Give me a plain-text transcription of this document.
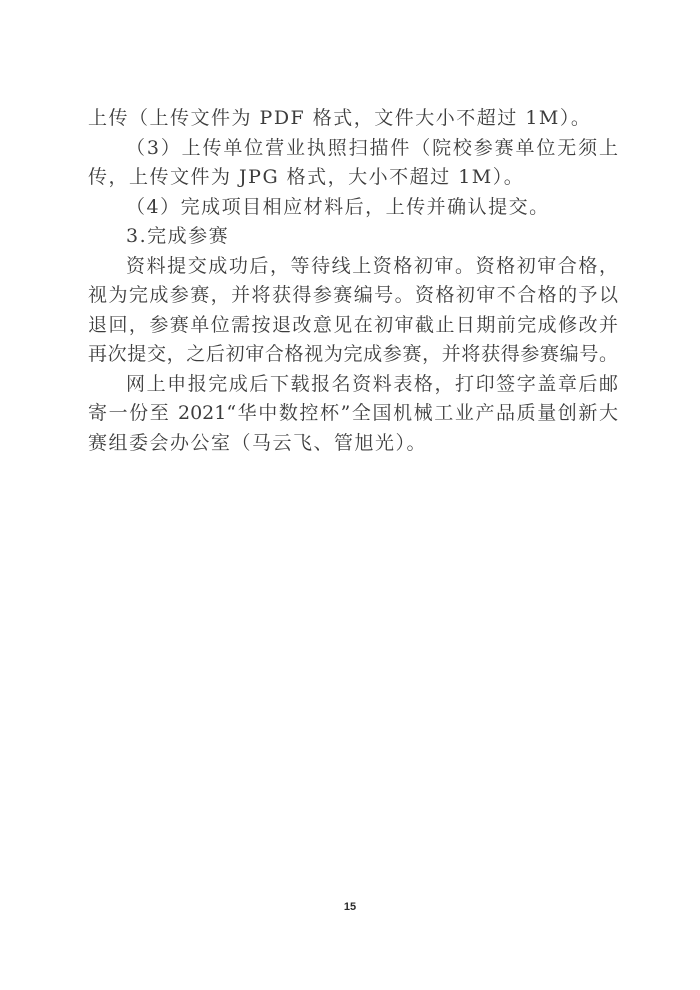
上传（上传文件为 PDF 格式，文件大小不超过 1M）。
（3）上传单位营业执照扫描件（院校参赛单位无须上
传，上传文件为 JPG 格式，大小不超过 1M）。
（4）完成项目相应材料后，上传并确认提交。
3.完成参赛
资料提交成功后，等待线上资格初审。资格初审合格，
视为完成参赛，并将获得参赛编号。资格初审不合格的予以
退回，参赛单位需按退改意见在初审截止日期前完成修改并
再次提交，之后初审合格视为完成参赛，并将获得参赛编号。
网上申报完成后下载报名资料表格，打印签字盖章后邮
寄一份至 2021“华中数控杯”全国机械工业产品质量创新大
赛组委会办公室（马云飞、管旭光）。
15
